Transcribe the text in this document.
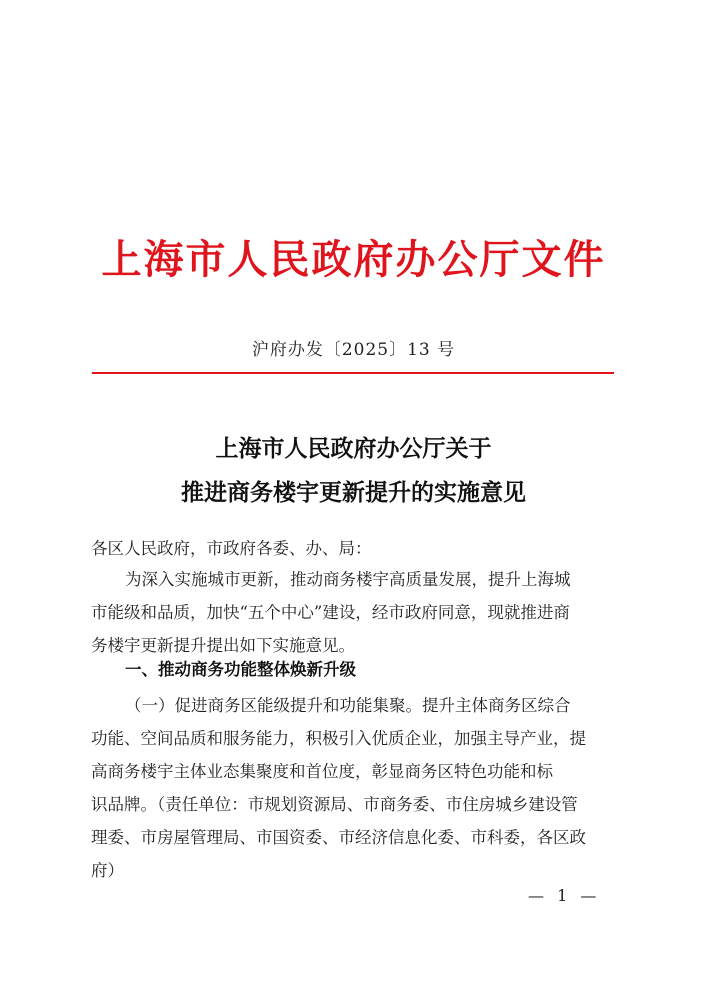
上海市人民政府办公厅文件
沪府办发〔2025〕13 号
上海市人民政府办公厅关于
推进商务楼宇更新提升的实施意见
各区人民政府，市政府各委、办、局：
为深入实施城市更新，推动商务楼宇高质量发展，提升上海城
市能级和品质，加快“五个中心”建设，经市政府同意，现就推进商
务楼宇更新提升提出如下实施意见。
一、推动商务功能整体焕新升级
（一）促进商务区能级提升和功能集聚。提升主体商务区综合
功能、空间品质和服务能力，积极引入优质企业，加强主导产业，提
高商务楼宇主体业态集聚度和首位度，彰显商务区特色功能和标
识品牌。（责任单位：市规划资源局、市商务委、市住房城乡建设管
理委、市房屋管理局、市国资委、市经济信息化委、市科委，各区政
府）
— 1 —
